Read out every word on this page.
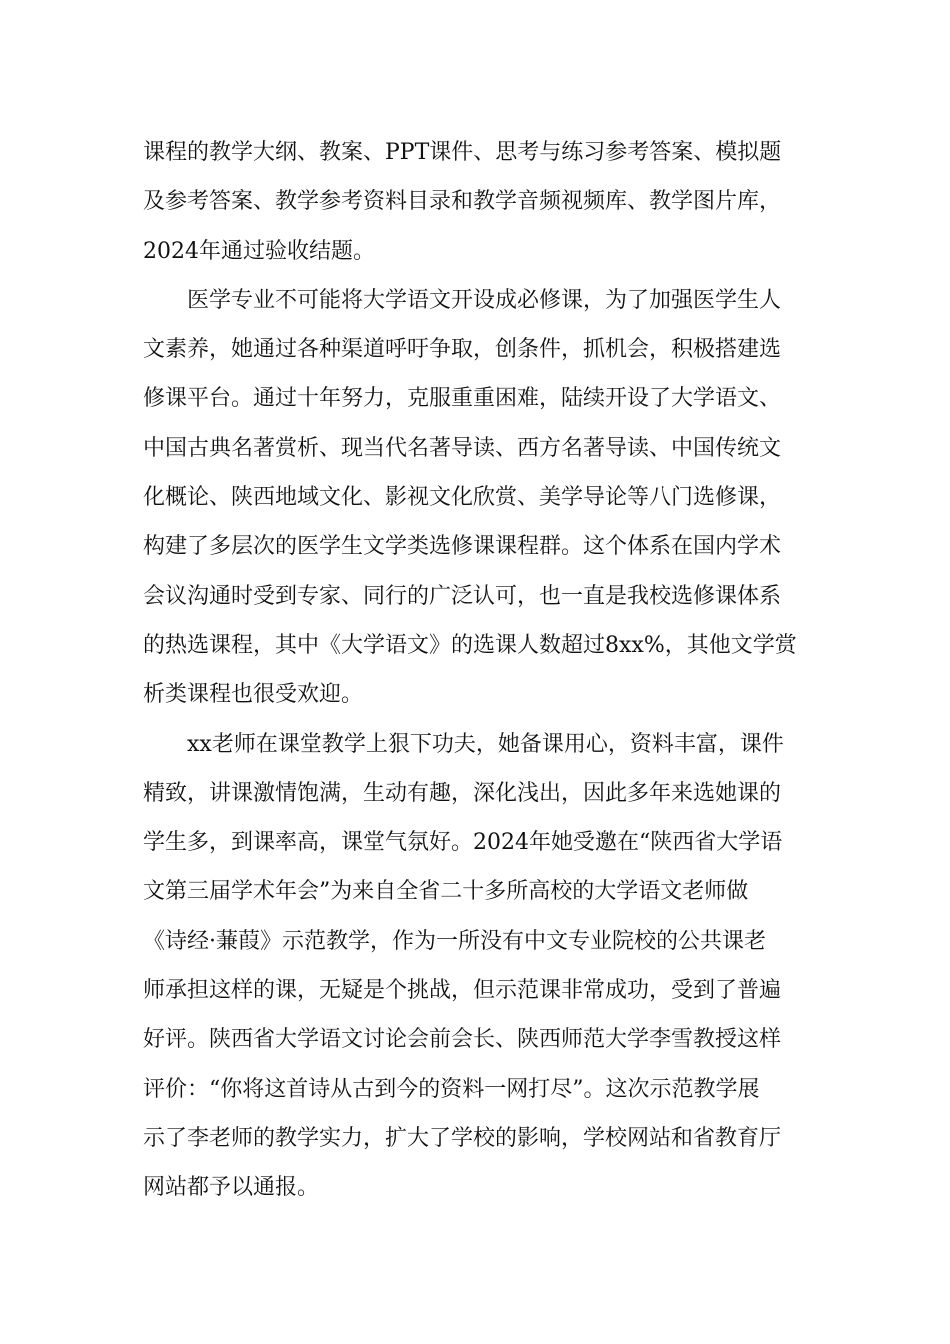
课程的教学大纲、教案、PPT课件、思考与练习参考答案、模拟题
及参考答案、教学参考资料目录和教学音频视频库、教学图片库，
2024年通过验收结题。
医学专业不可能将大学语文开设成必修课，为了加强医学生人
文素养，她通过各种渠道呼吁争取，创条件，抓机会，积极搭建选
修课平台。通过十年努力，克服重重困难，陆续开设了大学语文、
中国古典名著赏析、现当代名著导读、西方名著导读、中国传统文
化概论、陕西地域文化、影视文化欣赏、美学导论等八门选修课，
构建了多层次的医学生文学类选修课课程群。这个体系在国内学术
会议沟通时受到专家、同行的广泛认可，也一直是我校选修课体系
的热选课程，其中《大学语文》的选课人数超过8xx%，其他文学赏
析类课程也很受欢迎。
xx老师在课堂教学上狠下功夫，她备课用心，资料丰富，课件
精致，讲课激情饱满，生动有趣，深化浅出，因此多年来选她课的
学生多，到课率高，课堂气氛好。2024年她受邀在“陕西省大学语
文第三届学术年会”为来自全省二十多所高校的大学语文老师做
《诗经·蒹葭》示范教学，作为一所没有中文专业院校的公共课老
师承担这样的课，无疑是个挑战，但示范课非常成功，受到了普遍
好评。陕西省大学语文讨论会前会长、陕西师范大学李雪教授这样
评价：“你将这首诗从古到今的资料一网打尽”。这次示范教学展
示了李老师的教学实力，扩大了学校的影响，学校网站和省教育厅
网站都予以通报。
